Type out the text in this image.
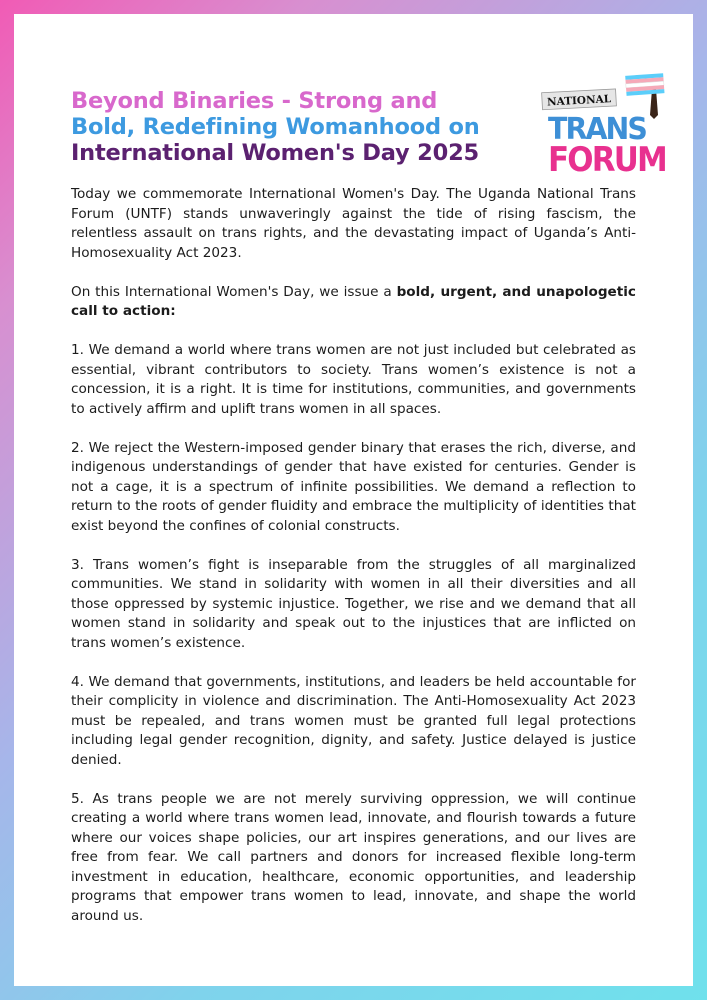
Beyond Binaries - Strong and
Bold, Redefining Womanhood on
International Women's Day 2025
NATIONAL
TRANS
FORUM

Today we commemorate International Women's Day. The Uganda National Trans Forum (UNTF) stands unwaveringly against the tide of rising fascism, the relentless assault on trans rights, and the devastating impact of Uganda’s Anti-Homosexuality Act 2023.

On this International Women's Day, we issue a bold, urgent, and unapologetic call to action:

1. We demand a world where trans women are not just included but celebrated as essential, vibrant contributors to society. Trans women’s existence is not a concession, it is a right. It is time for institutions, communities, and governments to actively affirm and uplift trans women in all spaces.

2. We reject the Western-imposed gender binary that erases the rich, diverse, and indigenous understandings of gender that have existed for centuries. Gender is not a cage, it is a spectrum of infinite possibilities. We demand a reflection to return to the roots of gender fluidity and embrace the multiplicity of identities that exist beyond the confines of colonial constructs.

3. Trans women’s fight is inseparable from the struggles of all marginalized communities. We stand in solidarity with women in all their diversities and all those oppressed by systemic injustice. Together, we rise and we demand that all women stand in solidarity and speak out to the injustices that are inflicted on trans women’s existence.

4. We demand that governments, institutions, and leaders be held accountable for their complicity in violence and discrimination. The Anti-Homosexuality Act 2023 must be repealed, and trans women must be granted full legal protections including legal gender recognition, dignity, and safety. Justice delayed is justice denied.

5. As trans people we are not merely surviving oppression, we will continue creating a world where trans women lead, innovate, and flourish towards a future where our voices shape policies, our art inspires generations, and our lives are free from fear. We call partners and donors for increased flexible long-term investment in education, healthcare, economic opportunities, and leadership programs that empower trans women to lead, innovate, and shape the world around us.
